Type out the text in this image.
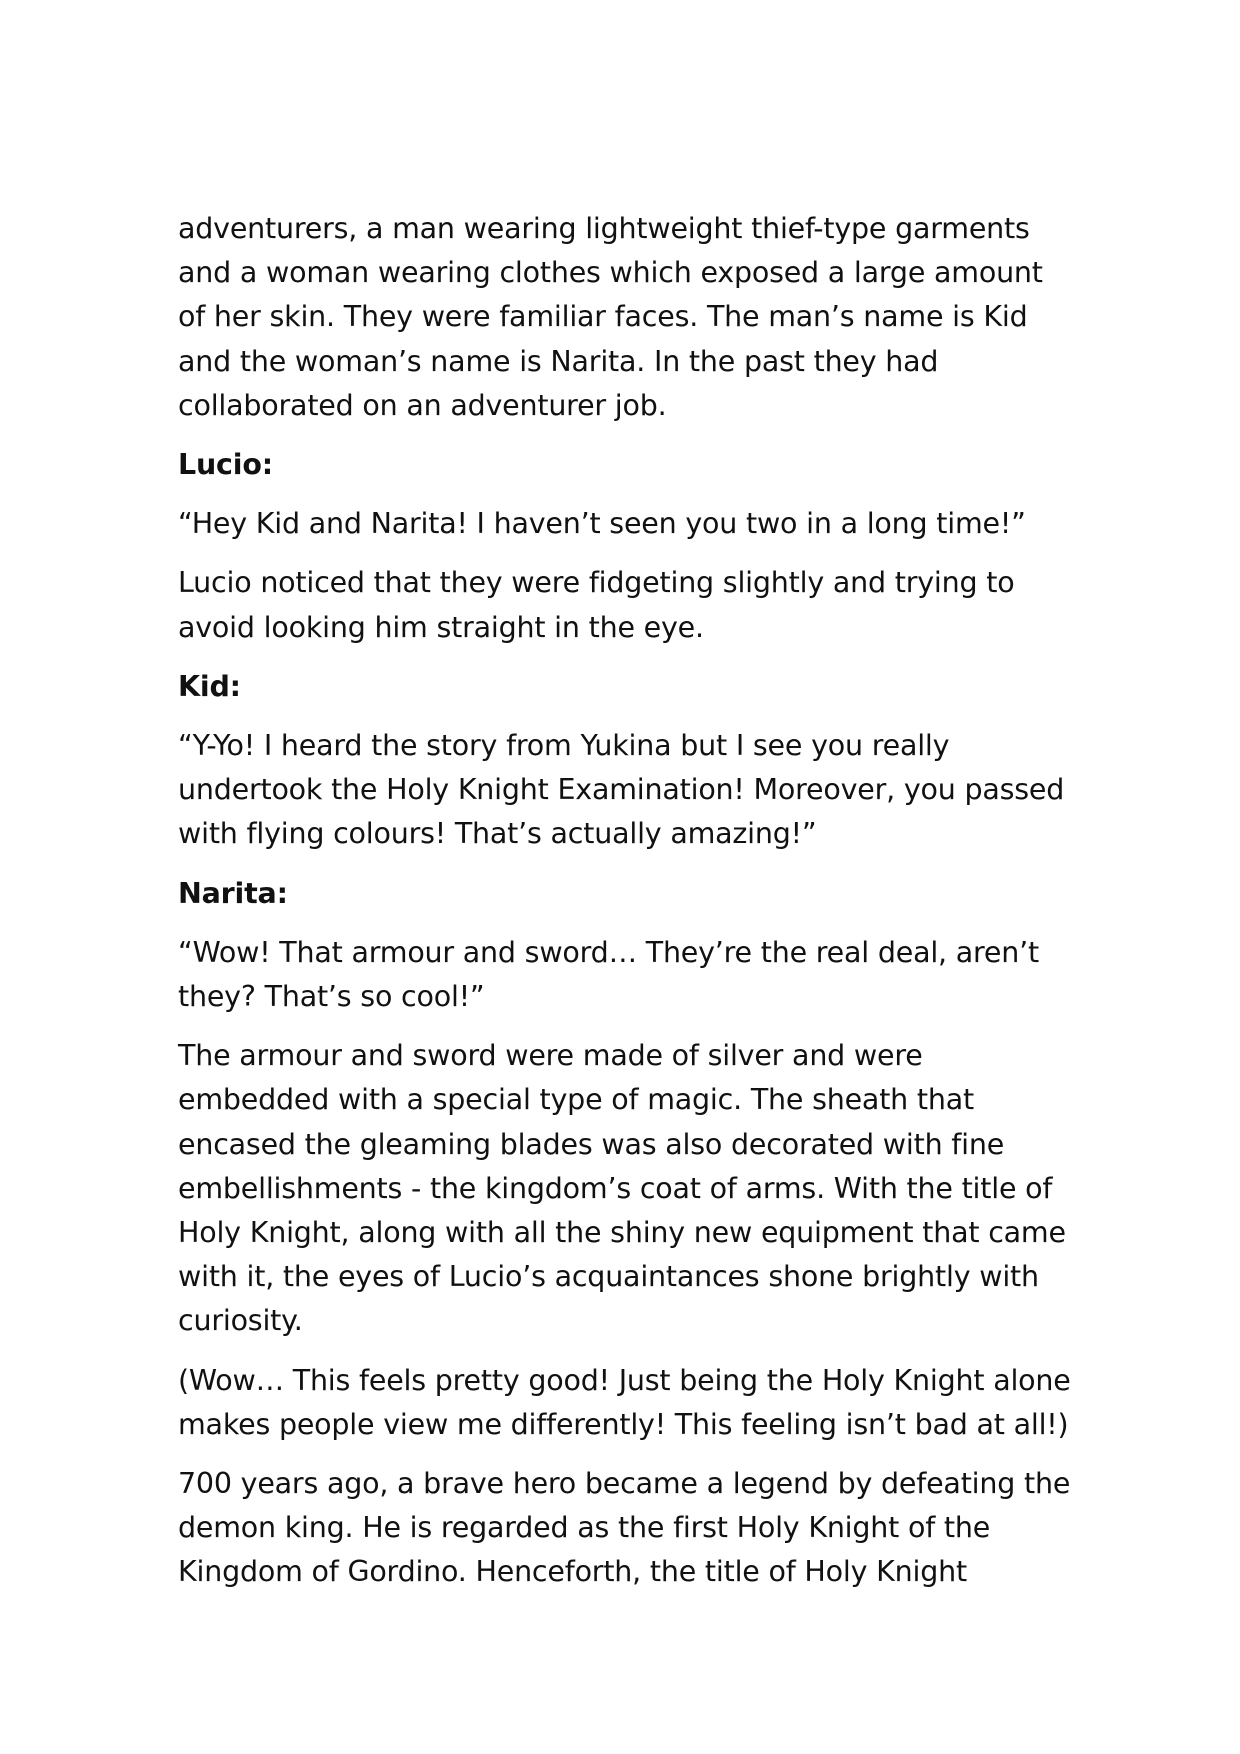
adventurers, a man wearing lightweight thief-type garments and a woman wearing clothes which exposed a large amount of her skin. They were familiar faces. The man’s name is Kid and the woman’s name is Narita. In the past they had collaborated on an adventurer job.

Lucio:

“Hey Kid and Narita! I haven’t seen you two in a long time!”

Lucio noticed that they were fidgeting slightly and trying to avoid looking him straight in the eye.

Kid:

“Y-Yo! I heard the story from Yukina but I see you really undertook the Holy Knight Examination! Moreover, you passed with flying colours! That’s actually amazing!”

Narita:

“Wow! That armour and sword… They’re the real deal, aren’t they? That’s so cool!”

The armour and sword were made of silver and were embedded with a special type of magic. The sheath that encased the gleaming blades was also decorated with fine embellishments - the kingdom’s coat of arms. With the title of Holy Knight, along with all the shiny new equipment that came with it, the eyes of Lucio’s acquaintances shone brightly with curiosity.

(Wow… This feels pretty good! Just being the Holy Knight alone makes people view me differently! This feeling isn’t bad at all!)

700 years ago, a brave hero became a legend by defeating the demon king. He is regarded as the first Holy Knight of the Kingdom of Gordino. Henceforth, the title of Holy Knight
